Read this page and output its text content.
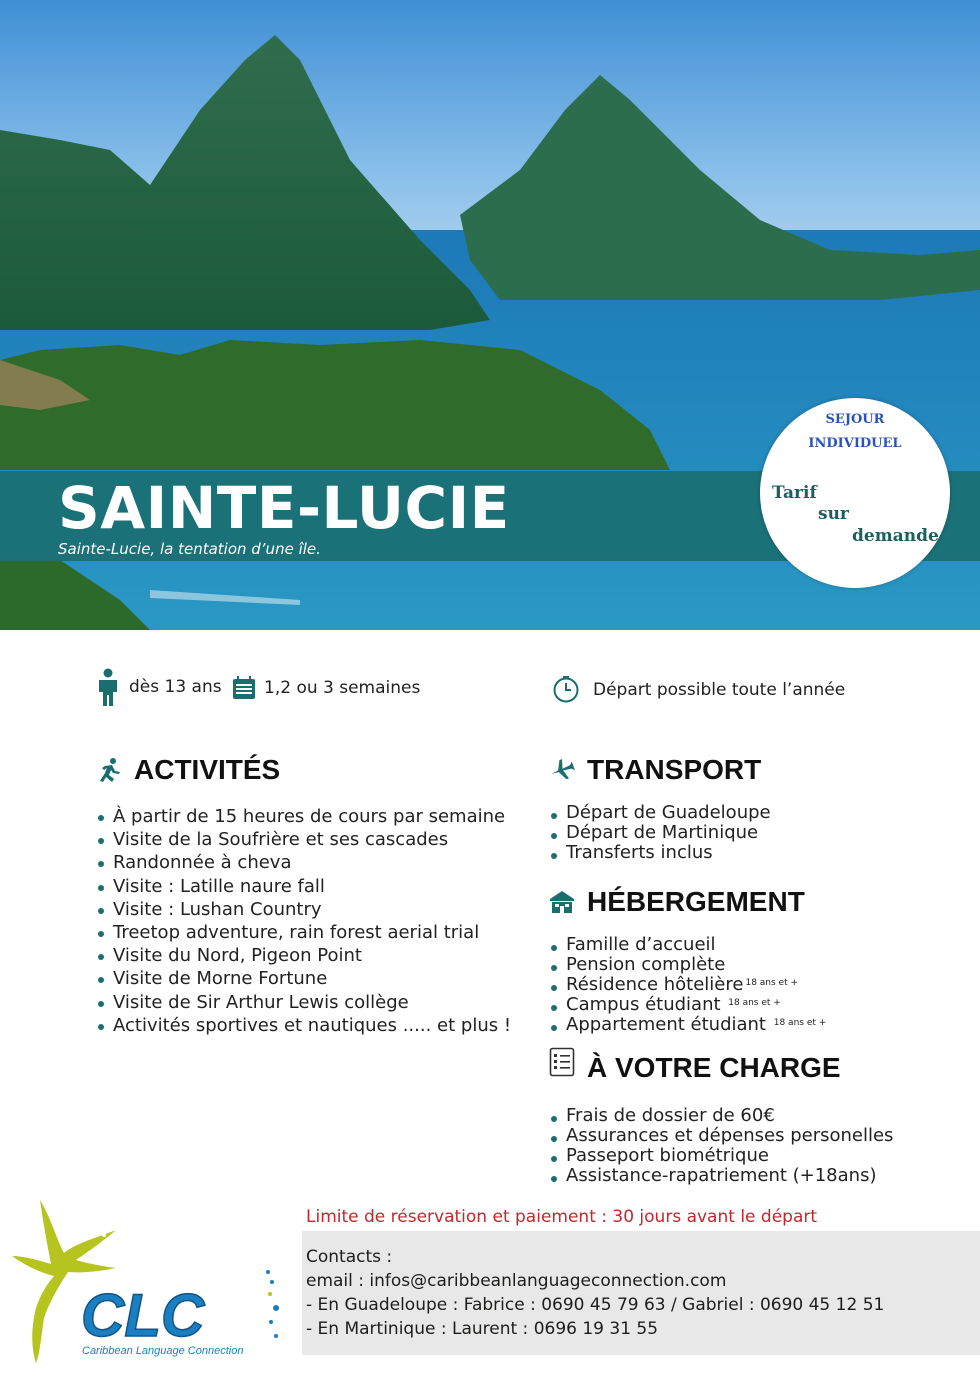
SAINTE-LUCIE
Sainte-Lucie, la tentation d’une île.
SEJOUR
INDIVIDUEL
Tarif
sur
demande
dès 13 ans 1,2 ou 3 semaines	Départ possible toute l’année
ACTIVITÉS
À partir de 15 heures de cours par semaine
Visite de la Soufrière et ses cascades
Randonnée à cheva
Visite : Latille naure fall
Visite : Lushan Country
Treetop adventure, rain forest aerial trial
Visite du Nord, Pigeon Point
Visite de Morne Fortune
Visite de Sir Arthur Lewis collège
Activités sportives et nautiques ..... et plus !
TRANSPORT
Départ de Guadeloupe
Départ de Martinique
Transferts inclus
HÉBERGEMENT
Famille d’accueil
Pension complète
Résidence hôtelière $^{18 ans et +}$
Campus étudiant $^{18 ans et +}$
Appartement étudiant $^{18 ans et +}$
À VOTRE CHARGE
Frais de dossier de 60€
Assurances et dépenses personelles
Passeport biométrique
Assistance-rapatriement (+18ans)
CLC
Caribbean Language Connection
Limite de réservation et paiement : 30 jours avant le départ
Contacts :
email : infos@caribbeanlanguageconnection.com
- En Guadeloupe : Fabrice : 0690 45 79 63 / Gabriel : 0690 45 12 51
- En Martinique : Laurent : 0696 19 31 55
